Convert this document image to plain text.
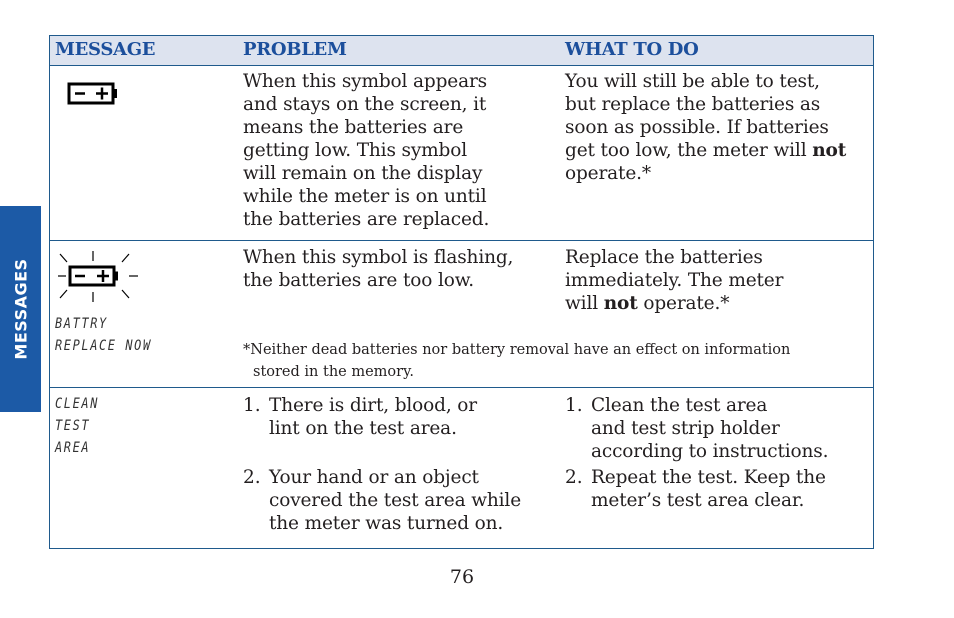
MESSAGES
MESSAGE	PROBLEM	WHAT TO DO
When this symbol appears
and stays on the screen, it
means the batteries are
getting low. This symbol
will remain on the display
while the meter is on until
the batteries are replaced.
You will still be able to test,
but replace the batteries as
soon as possible. If batteries
get too low, the meter will not
operate.*
BATTRY
REPLACE NOW
When this symbol is flashing,
the batteries are too low.
Replace the batteries
immediately. The meter
will not operate.*
*Neither dead batteries nor battery removal have an effect on information
stored in the memory.
CLEAN
TEST
AREA
1. There is dirt, blood, or
lint on the test area.
2. Your hand or an object
covered the test area while
the meter was turned on.
1. Clean the test area
and test strip holder
according to instructions.
2. Repeat the test. Keep the
meter’s test area clear.
76
